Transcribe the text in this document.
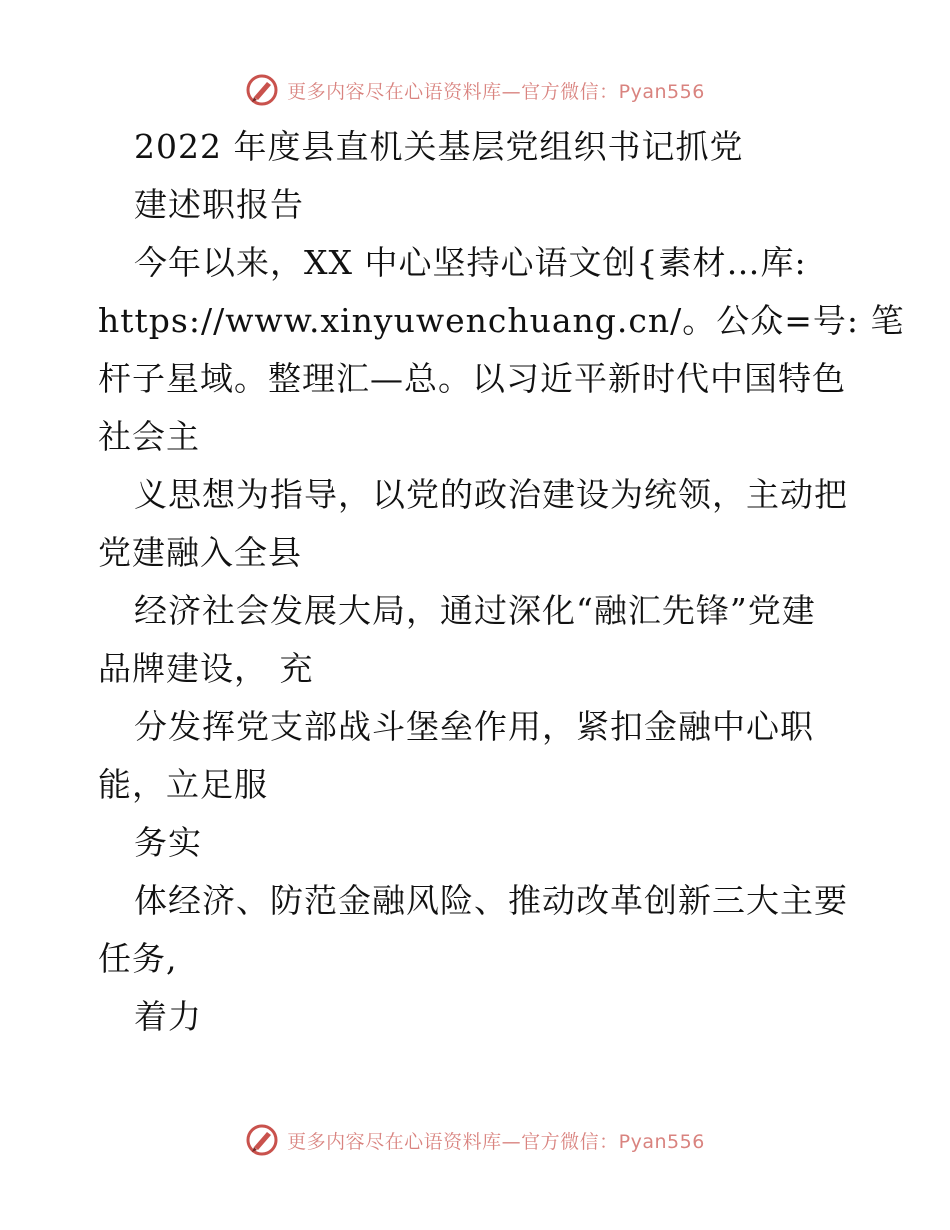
更多内容尽在心语资料库—官方微信：Pyan556
2022 年度县直机关基层党组织书记抓党
建述职报告
今年以来，XX 中心坚持心语文创{素材…库:
https://www.xinyuwenchuang.cn/。公众=号: 笔
杆子星域。整理汇—总。以习近平新时代中国特色
社会主
义思想为指导，以党的政治建设为统领，主动把
党建融入全县
经济社会发展大局，通过深化“融汇先锋”党建
品牌建设， 充
分发挥党支部战斗堡垒作用，紧扣金融中心职
能，立足服
务实
体经济、防范金融风险、推动改革创新三大主要
任务,
着力
更多内容尽在心语资料库—官方微信：Pyan556
